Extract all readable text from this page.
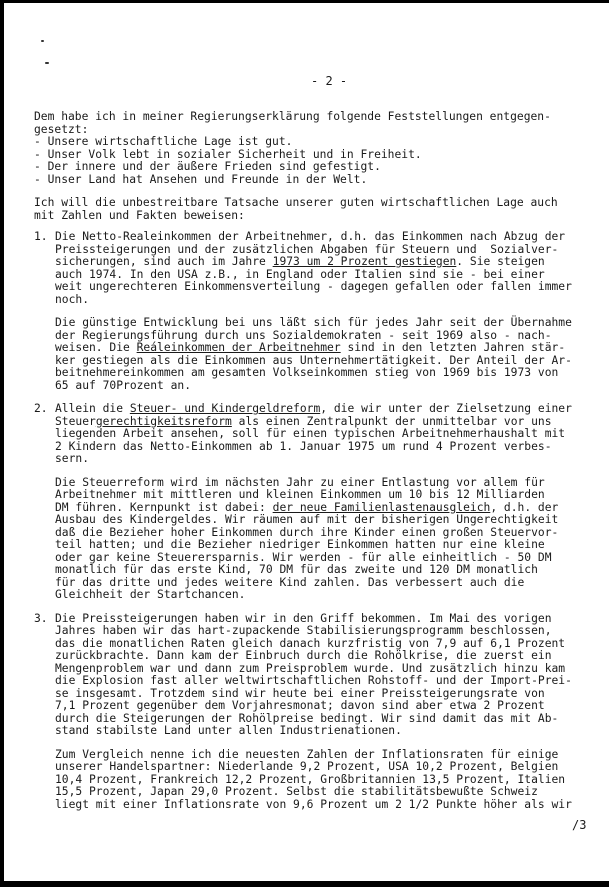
- 2 -
Dem habe ich in meiner Regierungserklärung folgende Feststellungen entgegen-
gesetzt:
- Unsere wirtschaftliche Lage ist gut.
- Unser Volk lebt in sozialer Sicherheit und in Freiheit.
- Der innere und der äußere Frieden sind gefestigt.
- Unser Land hat Ansehen und Freunde in der Welt.
Ich will die unbestreitbare Tatsache unserer guten wirtschaftlichen Lage auch
mit Zahlen und Fakten beweisen:
1. Die Netto-Realeinkommen der Arbeitnehmer, d.h. das Einkommen nach Abzug der
Preissteigerungen und der zusätzlichen Abgaben für Steuern und  Sozialver-
sicherungen, sind auch im Jahre 1973 um 2 Prozent gestiegen. Sie steigen
auch 1974. In den USA z.B., in England oder Italien sind sie - bei einer
weit ungerechteren Einkommensverteilung - dagegen gefallen oder fallen immer
noch.
Die günstige Entwicklung bei uns läßt sich für jedes Jahr seit der Übernahme
der Regierungsführung durch uns Sozialdemokraten - seit 1969 also - nach-
weisen. Die Reáleinkommen der Arbeitnehmer sind in den letzten Jahren stär-
ker gestiegen als die Einkommen aus Unternehmertätigkeit. Der Anteil der Ar-
beitnehmereinkommen am gesamten Volkseinkommen stieg von 1969 bis 1973 von
65 auf 70Prozent an.
2. Allein die Steuer- und Kindergeldreform, die wir unter der Zielsetzung einer
Steuergerechtigkeitsreform als einen Zentralpunkt der unmittelbar vor uns
liegenden Arbeit ansehen, soll für einen typischen Arbeitnehmerhaushalt mit
2 Kindern das Netto-Einkommen ab 1. Januar 1975 um rund 4 Prozent verbes-
sern.
Die Steuerreform wird im nächsten Jahr zu einer Entlastung vor allem für
Arbeitnehmer mit mittleren und kleinen Einkommen um 10 bis 12 Milliarden
DM führen. Kernpunkt ist dabei: der neue Familienlastenausgleich, d.h. der
Ausbau des Kindergeldes. Wir räumen auf mit der bisherigen Ungerechtigkeit
daß die Bezieher hoher Einkommen durch ihre Kinder einen großen Steuervor-
teil hatten; und die Bezieher niedriger Einkommen hatten nur eine kleine
oder gar keine Steuerersparnis. Wir werden - für alle einheitlich - 50 DM
monatlich für das erste Kind, 70 DM für das zweite und 120 DM monatlich
für das dritte und jedes weitere Kind zahlen. Das verbessert auch die
Gleichheit der Startchancen.
3. Die Preissteigerungen haben wir in den Griff bekommen. Im Mai des vorigen
Jahres haben wir das hart-zupackende Stabilisierungsprogramm beschlossen,
das die monatlichen Raten gleich danach kurzfristig von 7,9 auf 6,1 Prozent
zurückbrachte. Dann kam der Einbruch durch die Rohölkrise, die zuerst ein
Mengenproblem war und dann zum Preisproblem wurde. Und zusätzlich hinzu kam
die Explosion fast aller weltwirtschaftlichen Rohstoff- und der Import-Prei-
se insgesamt. Trotzdem sind wir heute bei einer Preissteigerungsrate von
7,1 Prozent gegenüber dem Vorjahresmonat; davon sind aber etwa 2 Prozent
durch die Steigerungen der Rohölpreise bedingt. Wir sind damit das mit Ab-
stand stabilste Land unter allen Industrienationen.
Zum Vergleich nenne ich die neuesten Zahlen der Inflationsraten für einige
unserer Handelspartner: Niederlande 9,2 Prozent, USA 10,2 Prozent, Belgien
10,4 Prozent, Frankreich 12,2 Prozent, Großbritannien 13,5 Prozent, Italien
15,5 Prozent, Japan 29,0 Prozent. Selbst die stabilitätsbewußte Schweiz
liegt mit einer Inflationsrate von 9,6 Prozent um 2 1/2 Punkte höher als wir
/3
